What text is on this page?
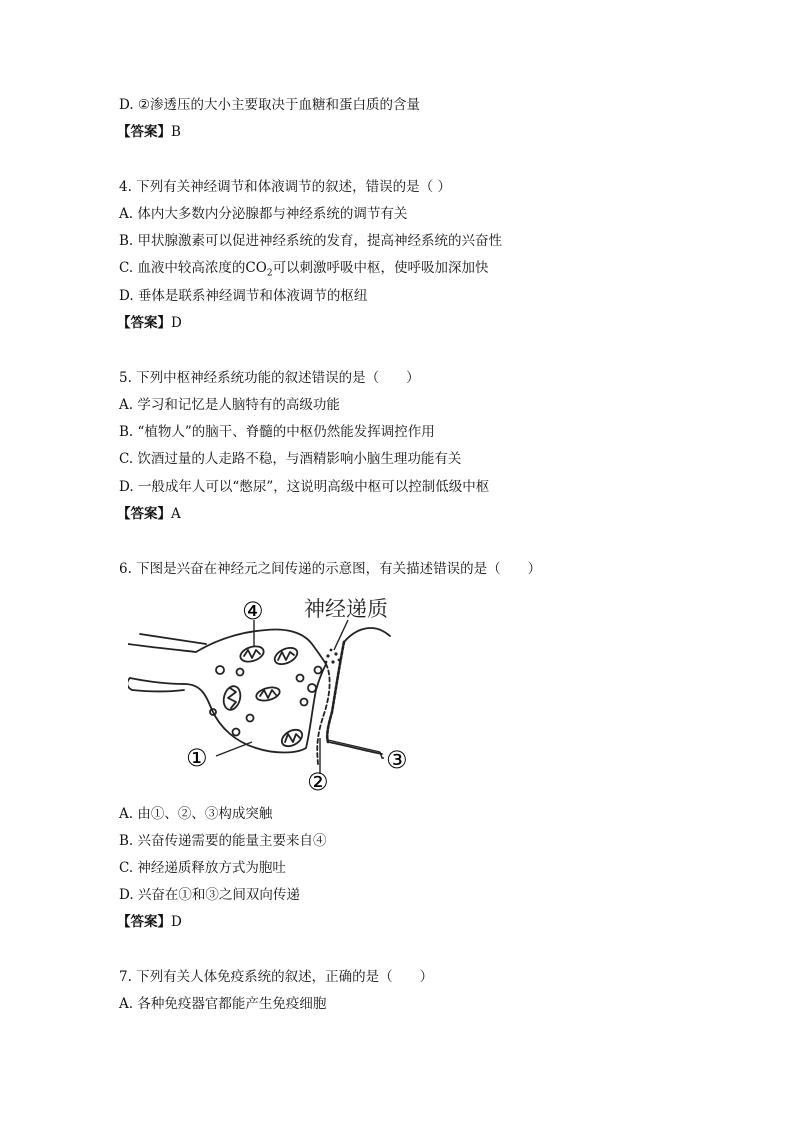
D. ②渗透压的大小主要取决于血糖和蛋白质的含量
【答案】B
4. 下列有关神经调节和体液调节的叙述，错误的是（ ）
A. 体内大多数内分泌腺都与神经系统的调节有关
B. 甲状腺激素可以促进神经系统的发育，提高神经系统的兴奋性
C. 血液中较高浓度的$CO_2$可以刺激呼吸中枢，使呼吸加深加快
D. 垂体是联系神经调节和体液调节的枢纽
【答案】D
5. 下列中枢神经系统功能的叙述错误的是（　　）
A. 学习和记忆是人脑特有的高级功能
B. “植物人”的脑干、脊髓的中枢仍然能发挥调控作用
C. 饮酒过量的人走路不稳，与酒精影响小脑生理功能有关
D. 一般成年人可以“憋尿”，这说明高级中枢可以控制低级中枢
【答案】A
6. 下图是兴奋在神经元之间传递的示意图，有关描述错误的是（　　）
④
①
②
③
神经递质
A. 由①、②、③构成突触
B. 兴奋传递需要的能量主要来自④
C. 神经递质释放方式为胞吐
D. 兴奋在①和③之间双向传递
【答案】D
7. 下列有关人体免疫系统的叙述，正确的是（　　）
A. 各种免疫器官都能产生免疫细胞
